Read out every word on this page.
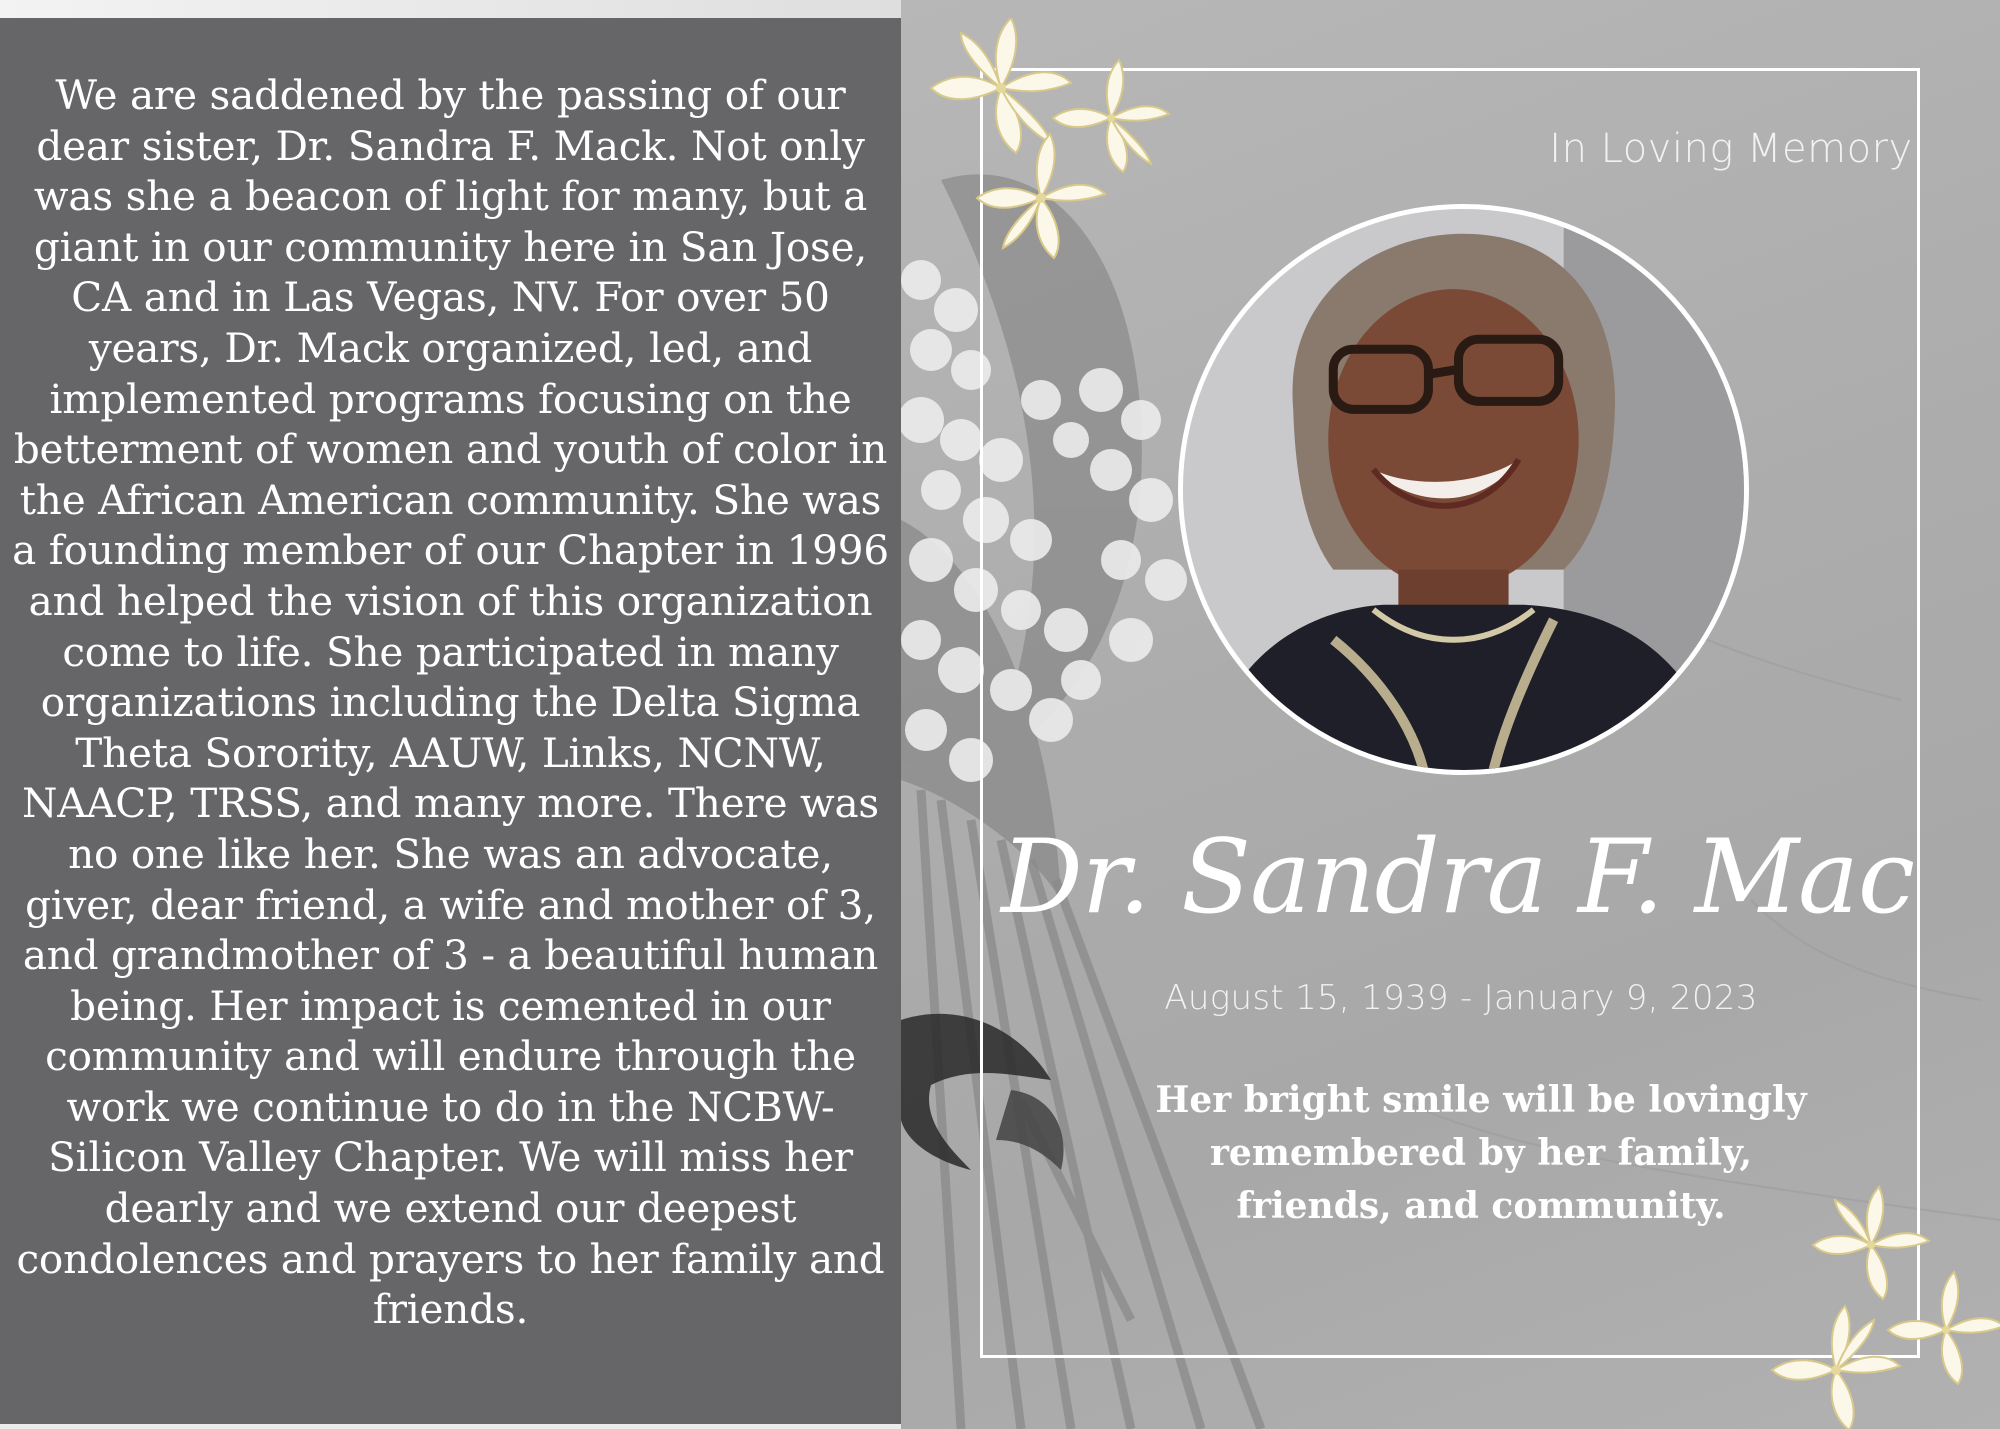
We are saddened by the passing of our dear sister, Dr. Sandra F. Mack. Not only was she a beacon of light for many, but a giant in our community here in San Jose, CA and in Las Vegas, NV. For over 50 years, Dr. Mack organized, led, and implemented programs focusing on the betterment of women and youth of color in the African American community. She was a founding member of our Chapter in 1996 and helped the vision of this organization come to life. She participated in many organizations including the Delta Sigma Theta Sorority, AAUW, Links, NCNW, NAACP, TRSS, and many more. There was no one like her. She was an advocate, giver, dear friend, a wife and mother of 3, and grandmother of 3 - a beautiful human being. Her impact is cemented in our community and will endure through the work we continue to do in the NCBW-Silicon Valley Chapter. We will miss her dearly and we extend our deepest condolences and prayers to her family and friends.

In Loving Memory
Dr. Sandra F. Mac
August 15, 1939 - January 9, 2023

Her bright smile will be lovingly remembered by her family, friends, and community.
